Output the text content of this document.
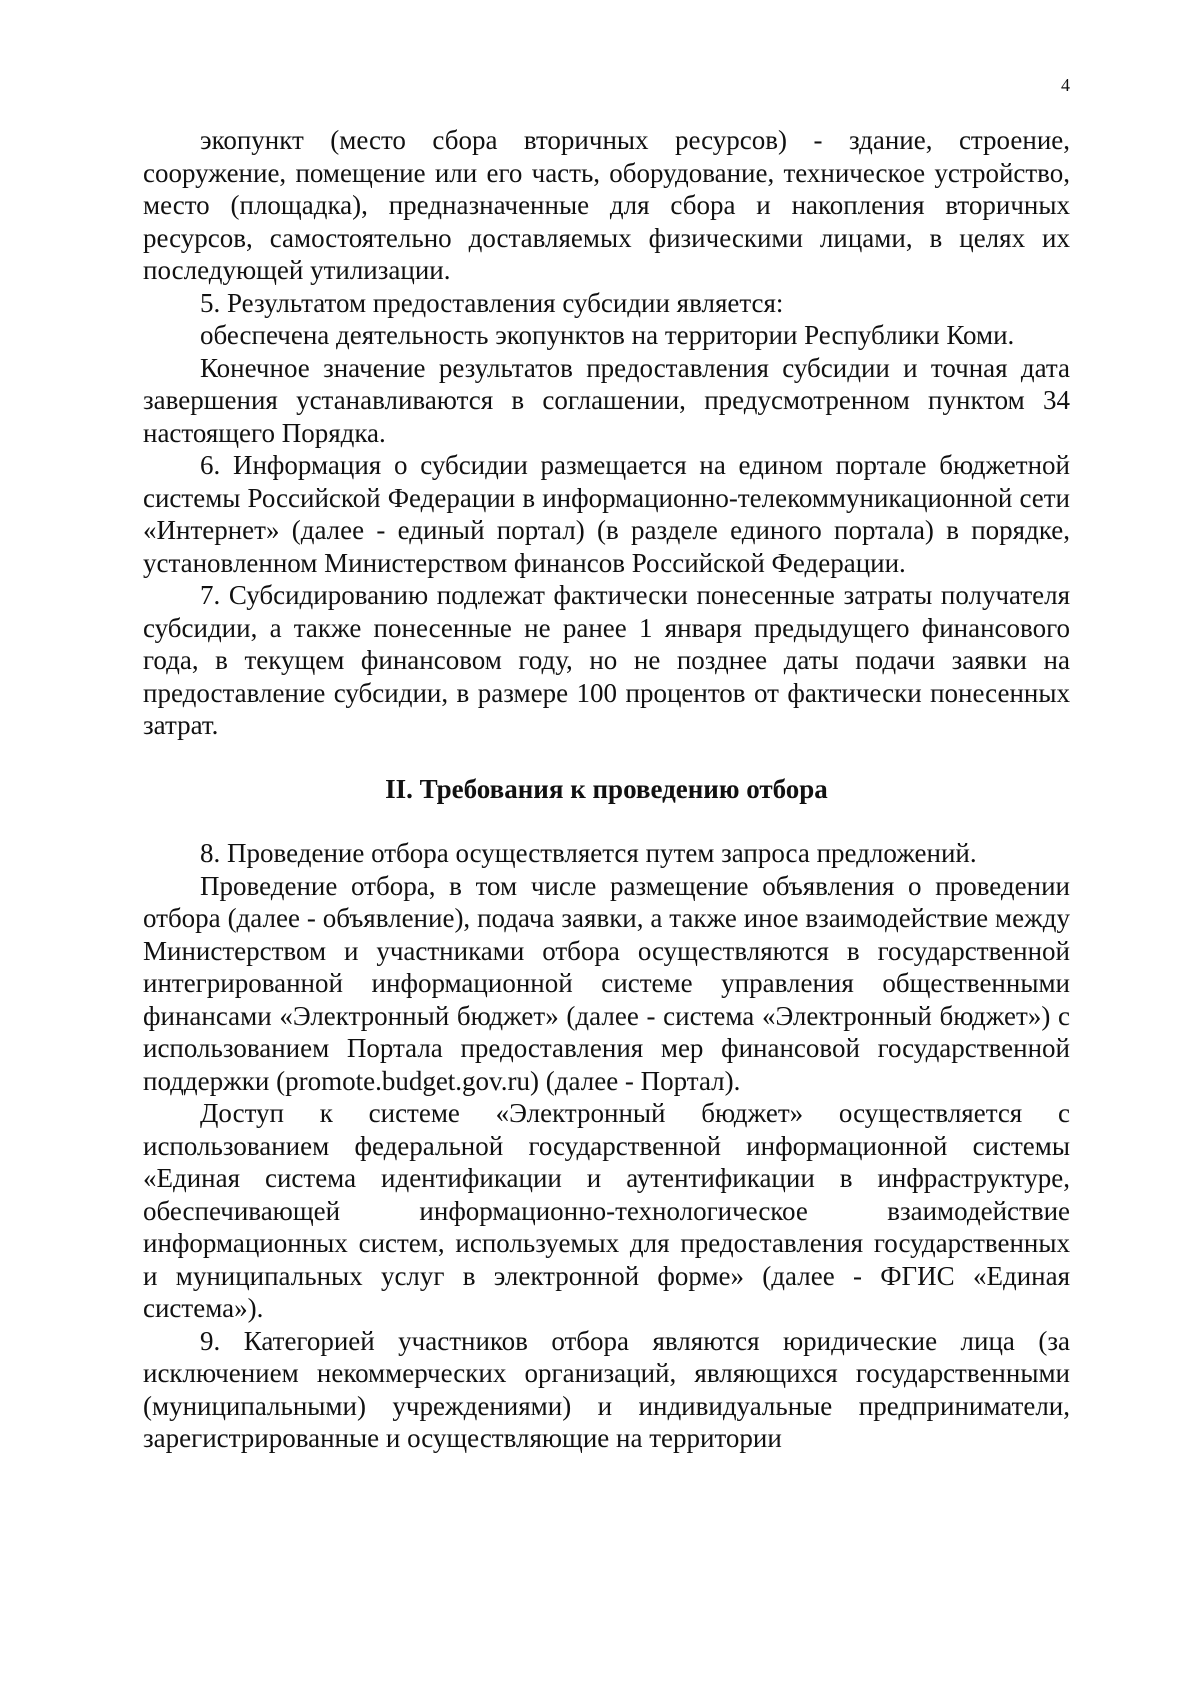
4

экопункт (место сбора вторичных ресурсов) - здание, строение, сооружение, помещение или его часть, оборудование, техническое устройство, место (площадка), предназначенные для сбора и накопления вторичных ресурсов, самостоятельно доставляемых физическими лицами, в целях их последующей утилизации.

5. Результатом предоставления субсидии является:

обеспечена деятельность экопунктов на территории Республики Коми.

Конечное значение результатов предоставления субсидии и точная дата завершения устанавливаются в соглашении, предусмотренном пунктом 34 настоящего Порядка.

6. Информация о субсидии размещается на едином портале бюджетной системы Российской Федерации в информационно-телекоммуникационной сети «Интернет» (далее - единый портал) (в разделе единого портала) в порядке, установленном Министерством финансов Российской Федерации.

7. Субсидированию подлежат фактически понесенные затраты получателя субсидии, а также понесенные не ранее 1 января предыдущего финансового года, в текущем финансовом году, но не позднее даты подачи заявки на предоставление субсидии, в размере 100 процентов от фактически понесенных затрат.

II. Требования к проведению отбора

8. Проведение отбора осуществляется путем запроса предложений.

Проведение отбора, в том числе размещение объявления о проведении отбора (далее - объявление), подача заявки, а также иное взаимодействие между Министерством и участниками отбора осуществляются в государственной интегрированной информационной системе управления общественными финансами «Электронный бюджет» (далее - система «Электронный бюджет») с использованием Портала предоставления мер финансовой государственной поддержки (promote.budget.gov.ru) (далее - Портал).

Доступ к системе «Электронный бюджет» осуществляется с использованием федеральной государственной информационной системы «Единая система идентификации и аутентификации в инфраструктуре, обеспечивающей информационно-технологическое взаимодействие информационных систем, используемых для предоставления государственных и муниципальных услуг в электронной форме» (далее - ФГИС «Единая система»).

9. Категорией участников отбора являются юридические лица (за исключением некоммерческих организаций, являющихся государственными (муниципальными) учреждениями) и индивидуальные предприниматели, зарегистрированные и осуществляющие на территории
